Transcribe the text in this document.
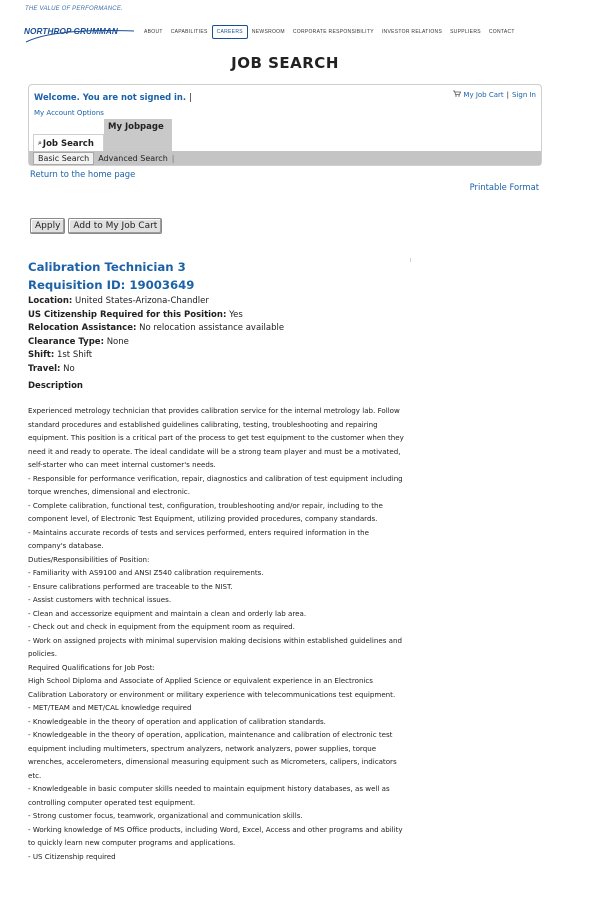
THE VALUE OF PERFORMANCE.
NORTHROP GRUMMAN	ABOUT	CAPABILITIES	CAREERS	NEWSROOM	CORPORATE RESPONSIBILITY	INVESTOR RELATIONS	SUPPLIERS	CONTACT
JOB SEARCH
Welcome. You are not signed in. | My Account Options
My Job Cart | Sign In
⌕ Job Search
My Jobpage
Basic Search	Advanced Search |
Return to the home page
Printable Format
Apply	Add to My Job Cart
Calibration Technician 3
Requisition ID: 19003649
Location: United States-Arizona-Chandler
US Citizenship Required for this Position: Yes
Relocation Assistance: No relocation assistance available
Clearance Type: None
Shift: 1st Shift
Travel: No
Description

Experienced metrology technician that provides calibration service for the internal metrology lab. Follow standard procedures and established guidelines calibrating, testing, troubleshooting and repairing equipment. This position is a critical part of the process to get test equipment to the customer when they need it and ready to operate. The ideal candidate will be a strong team player and must be a motivated, self-starter who can meet internal customer's needs.

- Responsible for performance verification, repair, diagnostics and calibration of test equipment including torque wrenches, dimensional and electronic.

- Complete calibration, functional test, configuration, troubleshooting and/or repair, including to the component level, of Electronic Test Equipment, utilizing provided procedures, company standards.

- Maintains accurate records of tests and services performed, enters required information in the company's database.

Duties/Responsibilities of Position:

- Familiarity with AS9100 and ANSI Z540 calibration requirements.

- Ensure calibrations performed are traceable to the NIST.

- Assist customers with technical issues.

- Clean and accessorize equipment and maintain a clean and orderly lab area.

- Check out and check in equipment from the equipment room as required.

- Work on assigned projects with minimal supervision making decisions within established guidelines and policies.

Required Qualifications for Job Post:

High School Diploma and Associate of Applied Science or equivalent experience in an Electronics Calibration Laboratory or environment or military experience with telecommunications test equipment.

- MET/TEAM and MET/CAL knowledge required

- Knowledgeable in the theory of operation and application of calibration standards.

- Knowledgeable in the theory of operation, application, maintenance and calibration of electronic test equipment including multimeters, spectrum analyzers, network analyzers, power supplies, torque wrenches, accelerometers, dimensional measuring equipment such as Micrometers, calipers, indicators etc.

- Knowledgeable in basic computer skills needed to maintain equipment history databases, as well as controlling computer operated test equipment.

- Strong customer focus, teamwork, organizational and communication skills.

- Working knowledge of MS Office products, including Word, Excel, Access and other programs and ability to quickly learn new computer programs and applications.

- US Citizenship required
